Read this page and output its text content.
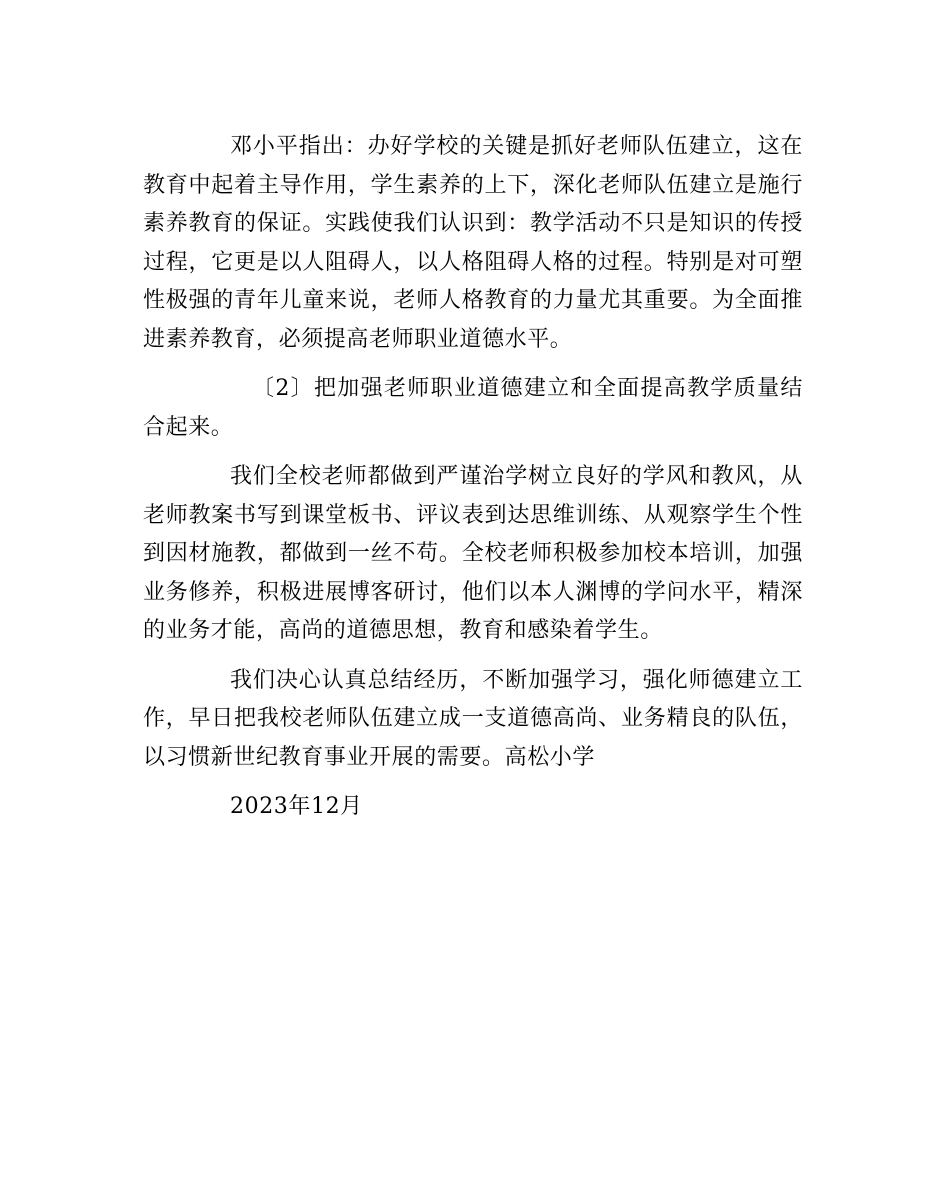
邓小平指出：办好学校的关键是抓好老师队伍建立，这在教育中起着主导作用，学生素养的上下，深化老师队伍建立是施行素养教育的保证。实践使我们认识到：教学活动不只是知识的传授过程，它更是以人阻碍人，以人格阻碍人格的过程。特别是对可塑性极强的青年儿童来说，老师人格教育的力量尤其重要。为全面推进素养教育，必须提高老师职业道德水平。

〔2〕把加强老师职业道德建立和全面提高教学质量结合起来。

我们全校老师都做到严谨治学树立良好的学风和教风，从老师教案书写到课堂板书、评议表到达思维训练、从观察学生个性到因材施教，都做到一丝不苟。全校老师积极参加校本培训，加强业务修养，积极进展博客研讨，他们以本人渊博的学问水平，精深的业务才能，高尚的道德思想，教育和感染着学生。

我们决心认真总结经历，不断加强学习，强化师德建立工作，早日把我校老师队伍建立成一支道德高尚、业务精良的队伍，以习惯新世纪教育事业开展的需要。高松小学

2023年12月
